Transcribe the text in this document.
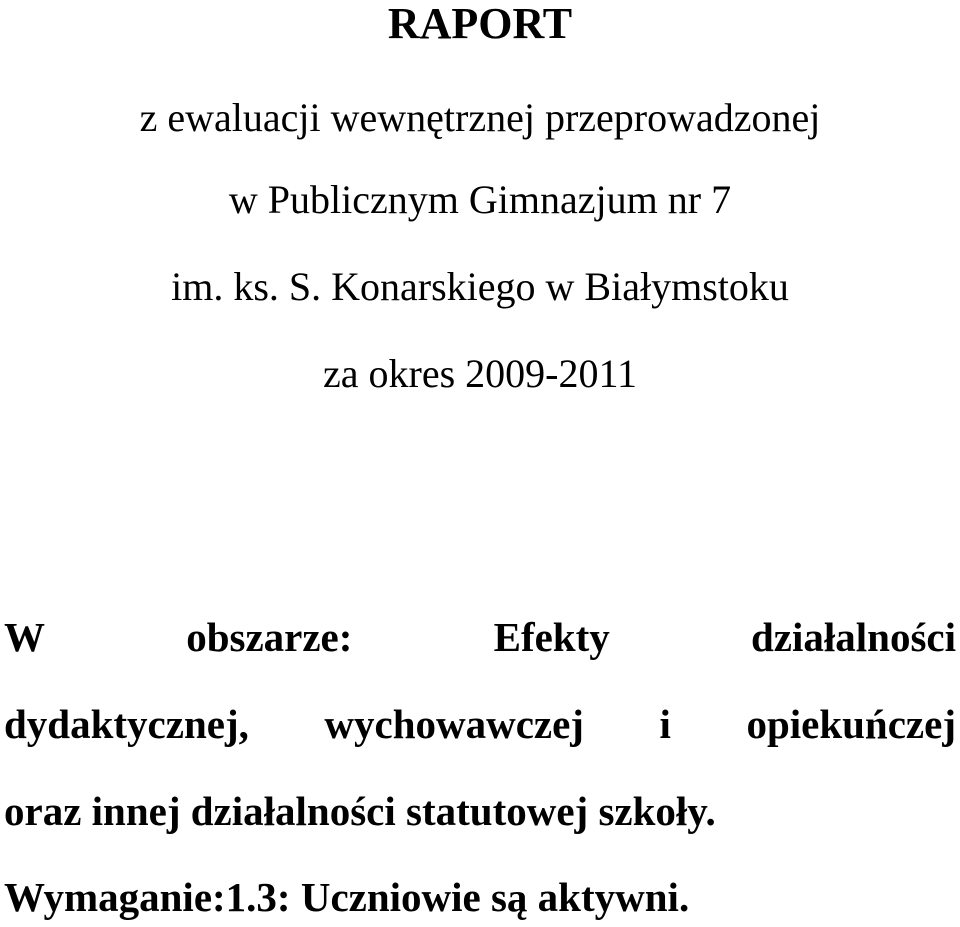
RAPORT

z ewaluacji wewnętrznej przeprowadzonej

w Publicznym Gimnazjum nr 7

im. ks. S. Konarskiego w Białymstoku

za okres 2009-2011

W	obszarze:	Efekty	działalności
dydaktycznej, wychowawczej i opiekuńczej

oraz innej działalności statutowej szkoły.

Wymaganie:1.3: Uczniowie są aktywni.
